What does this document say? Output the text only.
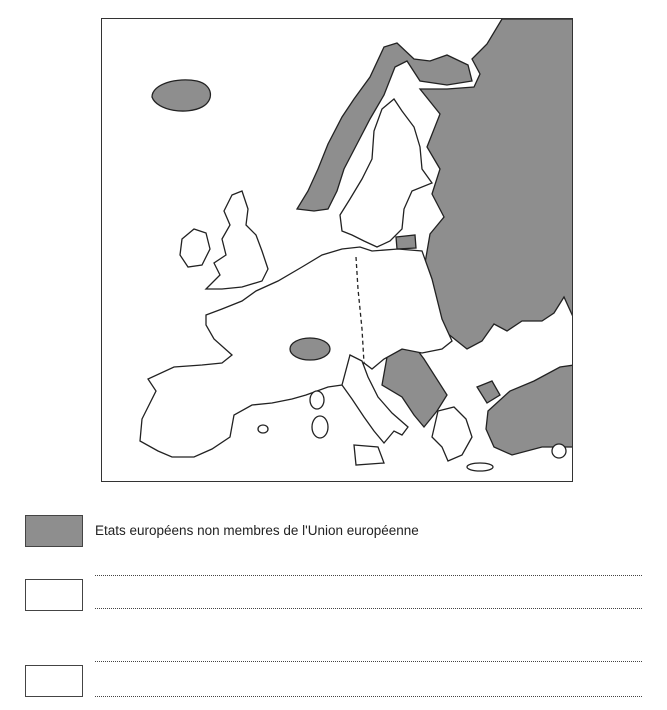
Etats européens non membres de l'Union européenne
